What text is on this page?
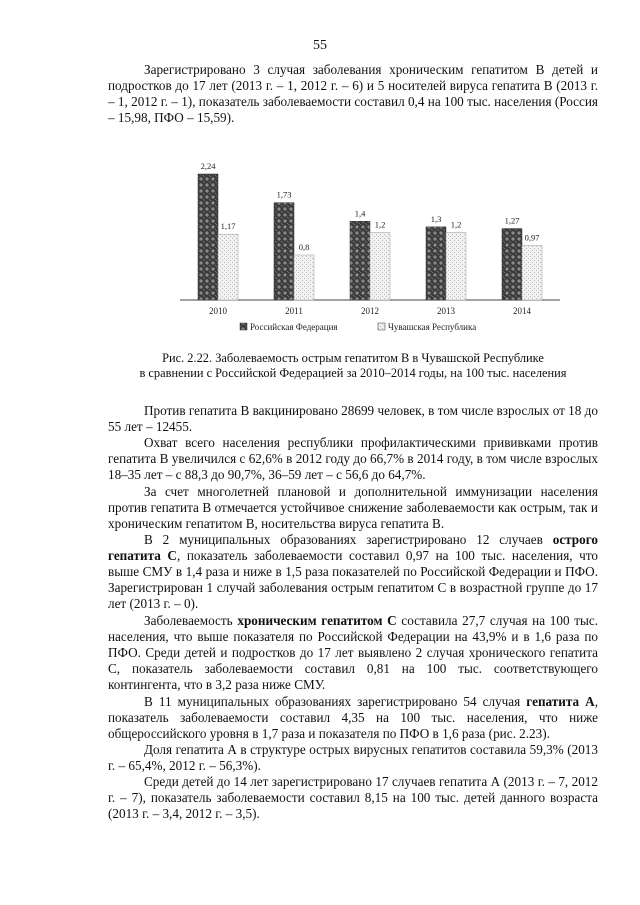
55

Зарегистрировано 3 случая заболевания хроническим гепатитом В детей и подростков до 17 лет (2013 г. – 1, 2012 г. – 6) и 5 носителей вируса гепатита В (2013 г. – 1, 2012 г. – 1), показатель заболеваемости составил 0,4 на 100 тыс. населения (Россия – 15,98, ПФО – 15,59).

2,24
1,17
1,73
0,8
1,4
1,2
1,3
1,2	1,27
0,97
2010	2011	2012	2013	2014
Российская Федерация	Чувашская Республика
Рис. 2.22. Заболеваемость острым гепатитом В в Чувашской Республике
в сравнении с Российской Федерацией за 2010–2014 годы, на 100 тыс. населения

Против гепатита В вакцинировано 28699 человек, в том числе взрослых от 18 до 55 лет – 12455.

Охват всего населения республики профилактическими прививками против гепатита В увеличился с 62,6% в 2012 году до 66,7% в 2014 году, в том числе взрослых 18–35 лет – с 88,3 до 90,7%, 36–59 лет – с 56,6 до 64,7%.

За счет многолетней плановой и дополнительной иммунизации населения против гепатита В отмечается устойчивое снижение заболеваемости как острым, так и хроническим гепатитом В, носительства вируса гепатита В.

В 2 муниципальных образованиях зарегистрировано 12 случаев острого гепатита С, показатель заболеваемости составил 0,97 на 100 тыс. населения, что выше СМУ в 1,4 раза и ниже в 1,5 раза показателей по Российской Федерации и ПФО. Зарегистрирован 1 случай заболевания острым гепатитом С в возрастной группе до 17 лет (2013 г. – 0).

Заболеваемость хроническим гепатитом С составила 27,7 случая на 100 тыс. населения, что выше показателя по Российской Федерации на 43,9% и в 1,6 раза по ПФО. Среди детей и подростков до 17 лет выявлено 2 случая хронического гепатита С, показатель заболеваемости составил 0,81 на 100 тыс. соответствующего контингента, что в 3,2 раза ниже СМУ.

В 11 муниципальных образованиях зарегистрировано 54 случая гепатита А, показатель заболеваемости составил 4,35 на 100 тыс. населения, что ниже общероссийского уровня в 1,7 раза и показателя по ПФО в 1,6 раза (рис. 2.23).

Доля гепатита А в структуре острых вирусных гепатитов составила 59,3% (2013 г. – 65,4%, 2012 г. – 56,3%).

Среди детей до 14 лет зарегистрировано 17 случаев гепатита А (2013 г. – 7, 2012 г. – 7), показатель заболеваемости составил 8,15 на 100 тыс. детей данного возраста (2013 г. – 3,4, 2012 г. – 3,5).
